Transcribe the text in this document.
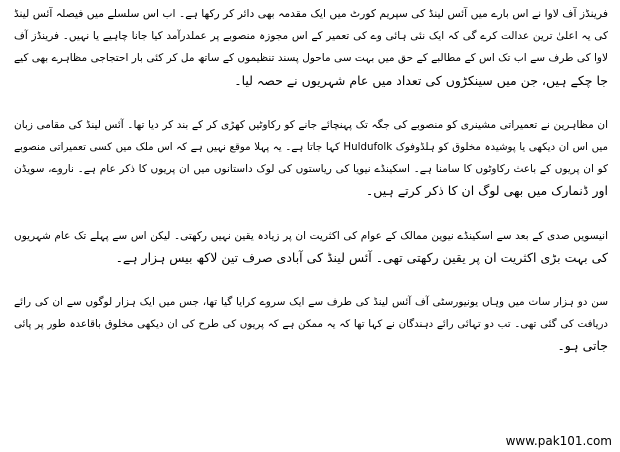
فرینڈز آف لاوا نے اس بارے میں آئس لینڈ کی سپریم کورٹ میں ایک مقدمہ بھی دائر کر رکھا ہے۔ اب اس سلسلے میں فیصلہ آئس لینڈ
کی یہ اعلیٰ ترین عدالت کرے گی کہ ایک نئی ہائی وے کی تعمیر کے اس مجوزہ منصوبے پر عملدرآمد کیا جانا چاہیے یا نہیں۔ فرینڈز آف
لاوا کی طرف سے اب تک اس کے مطالبے کے حق میں بہت سی ماحول پسند تنظیموں کے ساتھ مل کر کئی بار احتجاجی مظاہرے بھی کیے
جا چکے ہیں، جن میں سینکڑوں کی تعداد میں عام شہریوں نے حصہ لیا۔
ان مظاہرین نے تعمیراتی مشینری کو منصوبے کی جگہ تک پہنچائے جانے کو رکاوٹیں کھڑی کر کے بند کر دیا تھا۔ آئس لینڈ کی مقامی زبان
میں اس ان دیکھی یا پوشیدہ مخلوق کو ہلڈوفوک Huldufolk کہا جاتا ہے۔ یہ پہلا موقع نہیں ہے کہ اس ملک میں کسی تعمیراتی منصوبے
کو ان پریوں کے باعث رکاوٹوں کا سامنا ہے۔ اسکینڈے نیویا کی ریاستوں کی لوک داستانوں میں ان پریوں کا ذکر عام ہے۔ ناروے، سویڈن
اور ڈنمارک میں بھی لوگ ان کا ذکر کرتے ہیں۔
انیسویں صدی کے بعد سے اسکینڈے نیوین ممالک کے عوام کی اکثریت ان پر زیادہ یقین نہیں رکھتی۔ لیکن اس سے پہلے تک عام شہریوں
کی بہت بڑی اکثریت ان پر یقین رکھتی تھی۔ آئس لینڈ کی آبادی صرف تین لاکھ بیس ہزار ہے۔
سن دو ہزار سات میں وہاں یونیورسٹی آف آئس لینڈ کی طرف سے ایک سروے کرایا گیا تھا، جس میں ایک ہزار لوگوں سے ان کی رائے
دریافت کی گئی تھی۔ تب دو تہائی رائے دہندگان نے کہا تھا کہ یہ ممکن ہے کہ پریوں کی طرح کی ان دیکھی مخلوق باقاعدہ طور پر پائی
جاتی ہو۔
www.pak101.com
